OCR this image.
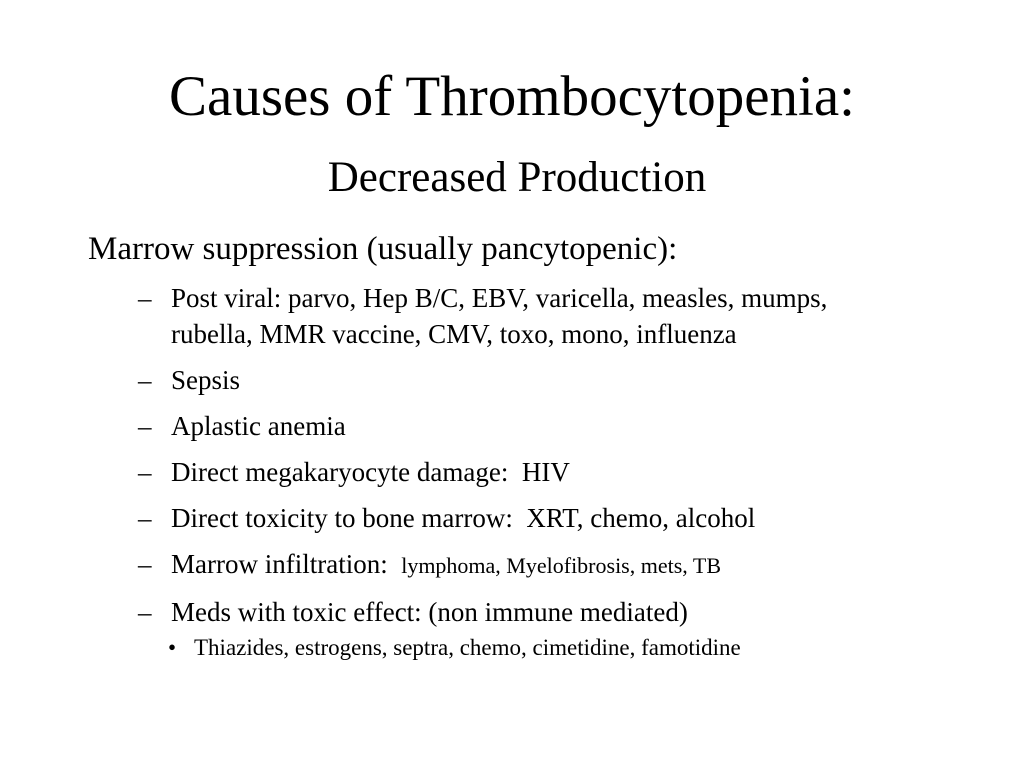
Causes of Thrombocytopenia:
Decreased Production
Marrow suppression (usually pancytopenic):
– Post viral: parvo, Hep B/C, EBV, varicella, measles, mumps, rubella, MMR vaccine, CMV, toxo, mono, influenza
– Sepsis
– Aplastic anemia
– Direct megakaryocyte damage:  HIV
– Direct toxicity to bone marrow:  XRT, chemo, alcohol
– Marrow infiltration:  lymphoma, Myelofibrosis, mets, TB
– Meds with toxic effect: (non immune mediated)
• Thiazides, estrogens, septra, chemo, cimetidine, famotidine
